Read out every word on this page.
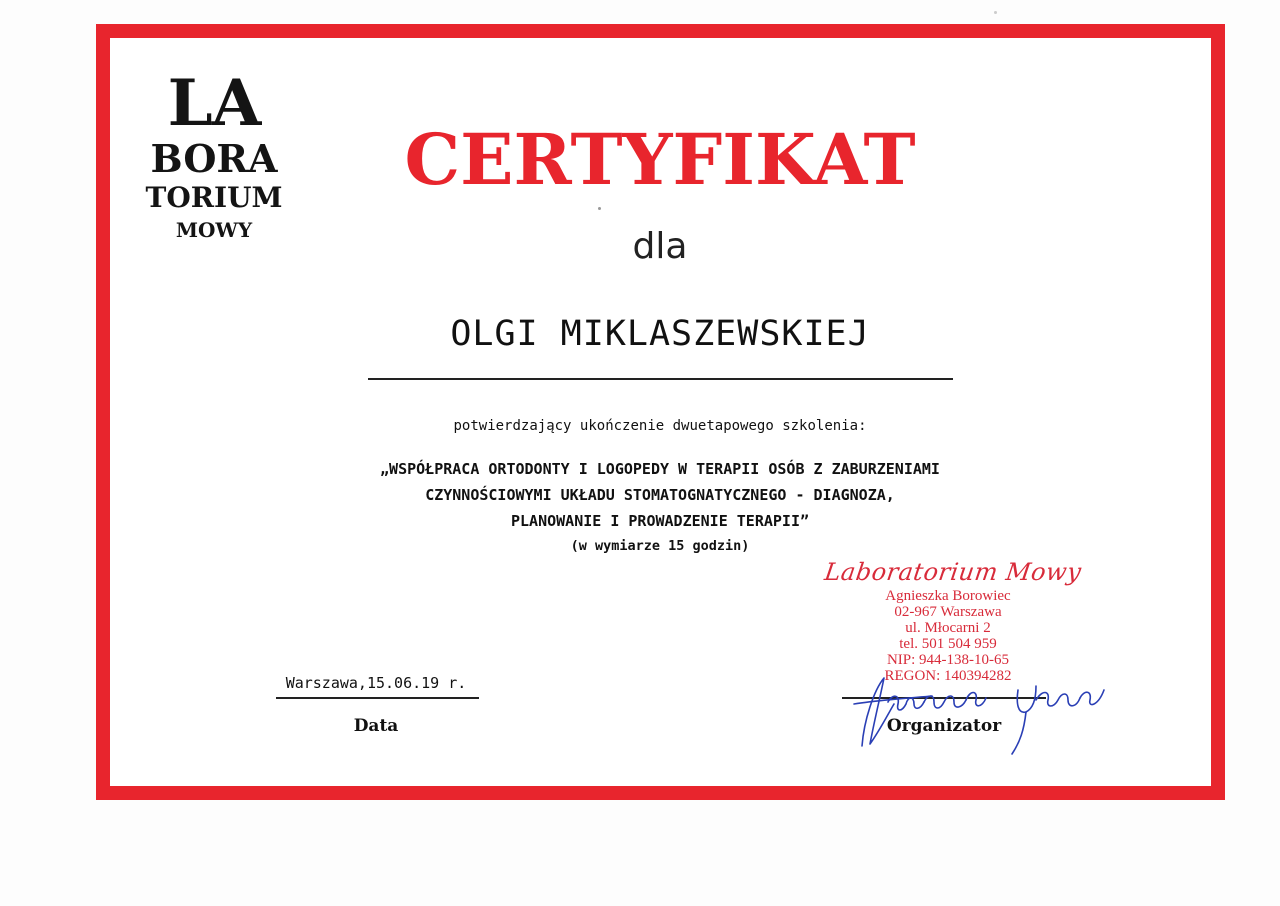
LA
BORA
TORIUM
MOWY
CERTYFIKAT
dla
OLGI MIKLASZEWSKIEJ
potwierdzający ukończenie dwuetapowego szkolenia:
„WSPÓŁPRACA ORTODONTY I LOGOPEDY W TERAPII OSÓB Z ZABURZENIAMI
CZYNNOŚCIOWYMI UKŁADU STOMATOGNATYCZNEGO - DIAGNOZA,
PLANOWANIE I PROWADZENIE TERAPII”
(w wymiarze 15 godzin)
Laboratorium Mowy
Agnieszka Borowiec
02-967 Warszawa
ul. Młocarni 2
tel. 501 504 959
NIP: 944-138-10-65
REGON: 140394282
Warszawa,15.06.19 r.
Data	Organizator
